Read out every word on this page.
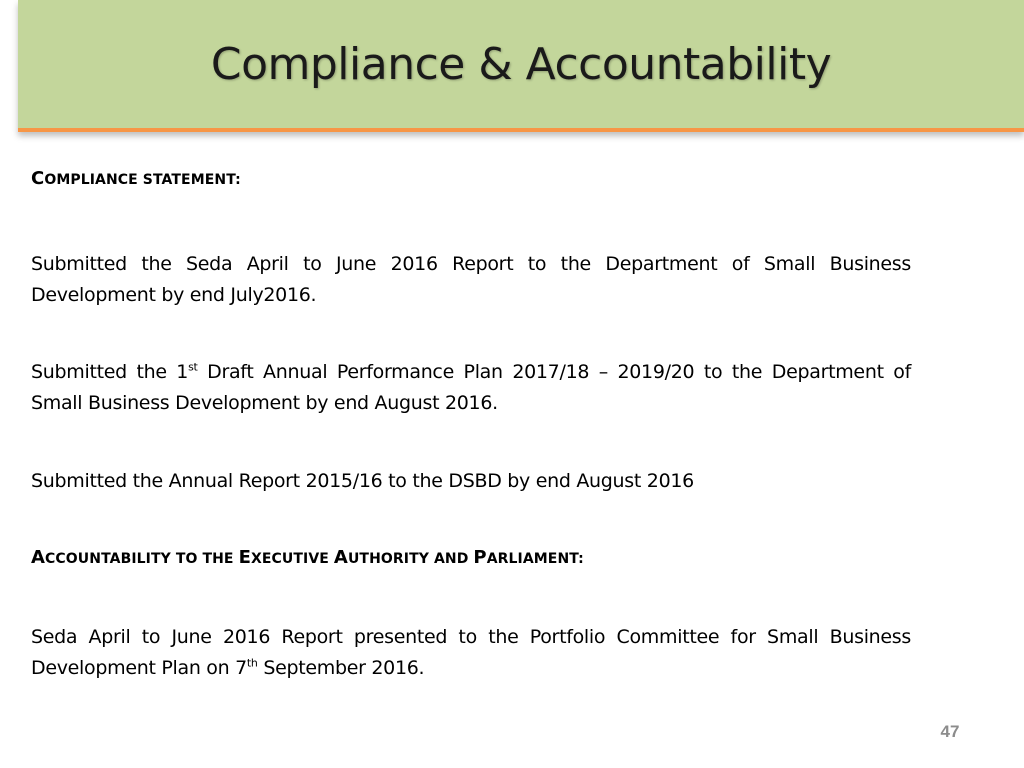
Compliance & Accountability

COMPLIANCE STATEMENT:

Submitted the Seda April to June 2016 Report to the Department of Small Business Development by end July2016.

Submitted the 1st Draft Annual Performance Plan 2017/18 – 2019/20 to the Department of Small Business Development by end August 2016.

Submitted the Annual Report 2015/16 to the DSBD by end August 2016

ACCOUNTABILITY TO THE EXECUTIVE AUTHORITY AND PARLIAMENT:

Seda April to June 2016 Report presented to the Portfolio Committee for Small Business Development Plan on 7th September 2016.

47
